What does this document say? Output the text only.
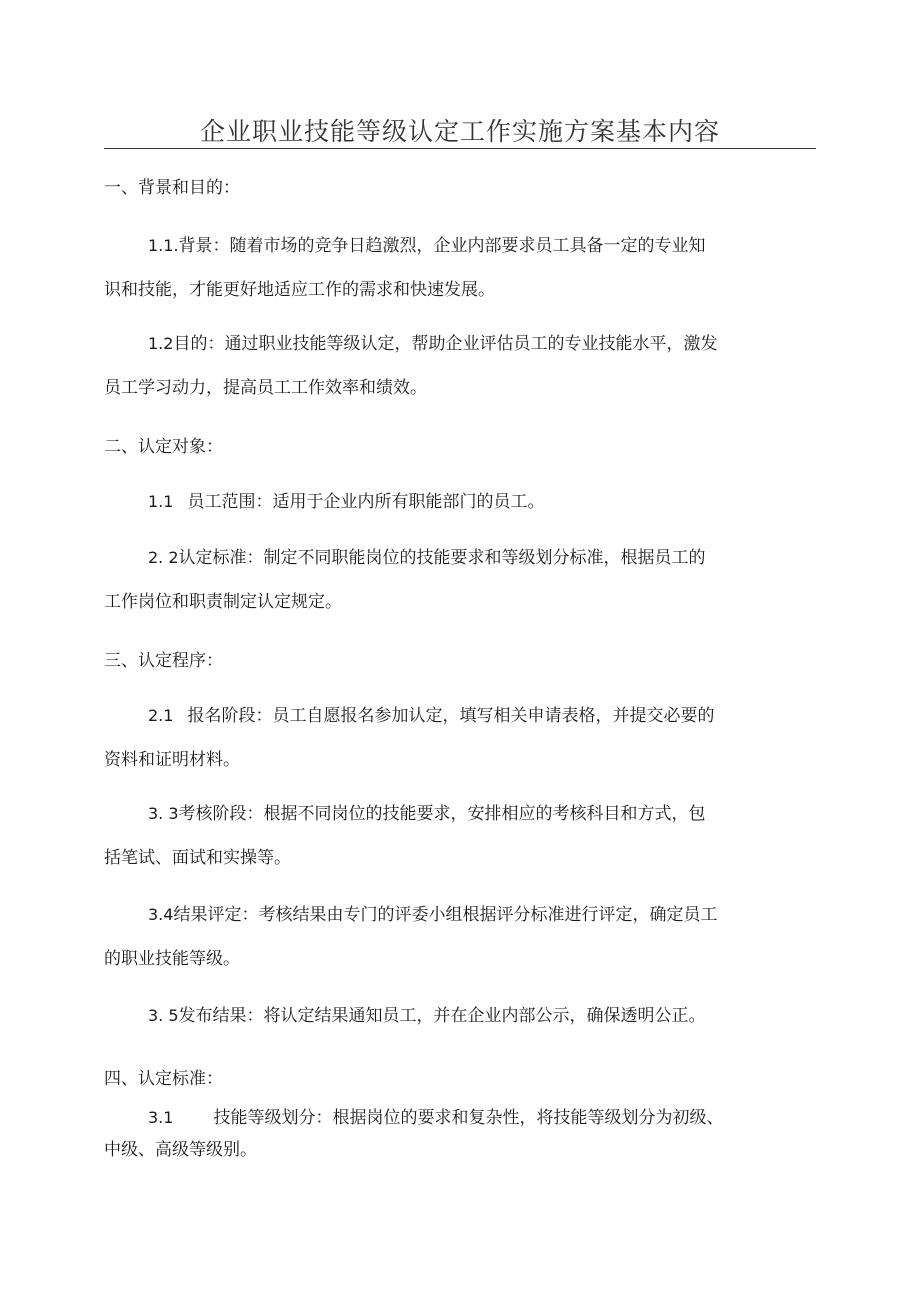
企业职业技能等级认定工作实施方案基本内容
一、背景和目的：
1.1.背景：随着市场的竞争日趋激烈，企业内部要求员工具备一定的专业知
识和技能，才能更好地适应工作的需求和快速发展。
1.2目的：通过职业技能等级认定，帮助企业评估员工的专业技能水平，激发
员工学习动力，提高员工工作效率和绩效。
二、认定对象：
1.1 员工范围：适用于企业内所有职能部门的员工。
2. 2认定标准：制定不同职能岗位的技能要求和等级划分标准，根据员工的
工作岗位和职责制定认定规定。
三、认定程序：
2.1 报名阶段：员工自愿报名参加认定，填写相关申请表格，并提交必要的
资料和证明材料。
3. 3考核阶段：根据不同岗位的技能要求，安排相应的考核科目和方式，包
括笔试、面试和实操等。
3.4结果评定：考核结果由专门的评委小组根据评分标准进行评定，确定员工
的职业技能等级。
3. 5发布结果：将认定结果通知员工，并在企业内部公示，确保透明公正。
四、认定标准：
3.1 技能等级划分：根据岗位的要求和复杂性，将技能等级划分为初级、
中级、高级等级别。
